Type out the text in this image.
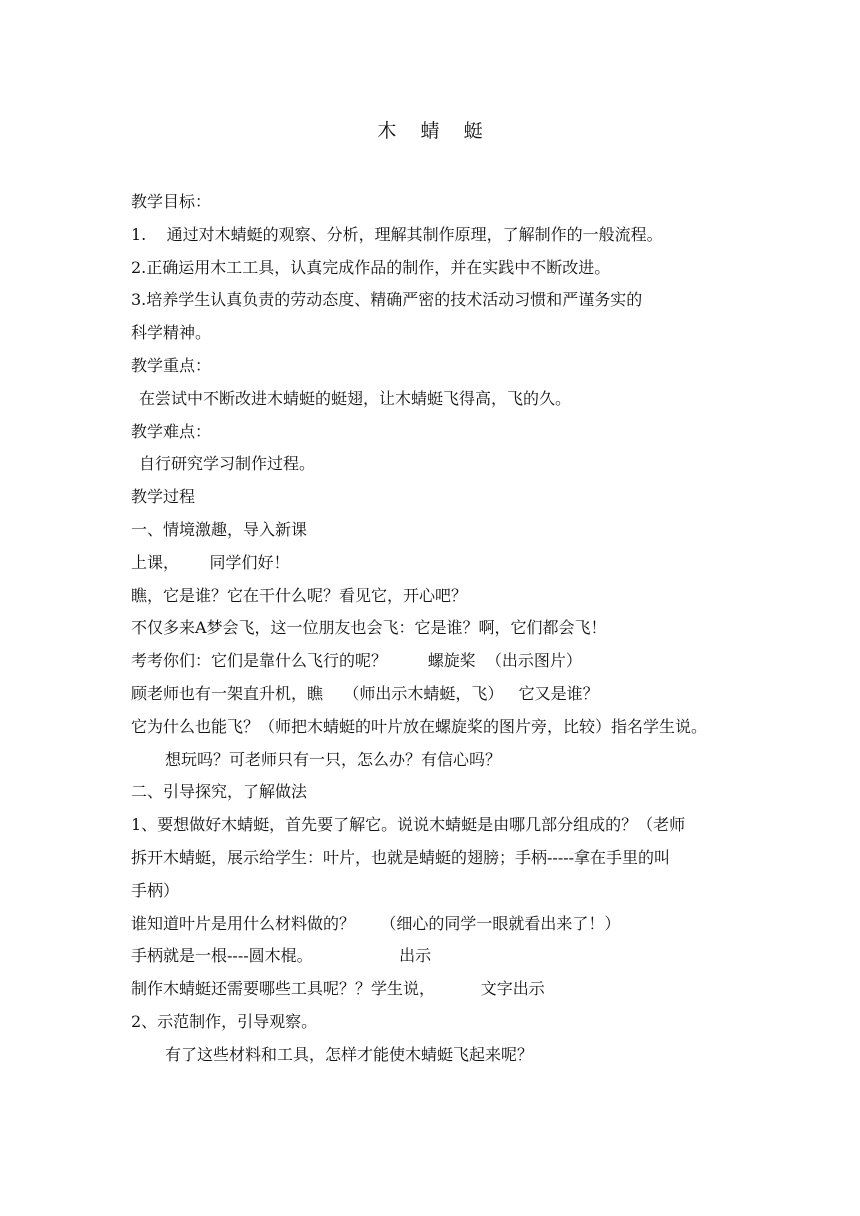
木    蜻    蜓

教学目标：

1.    通过对木蜻蜓的观察、分析，理解其制作原理，了解制作的一般流程。

2.正确运用木工工具，认真完成作品的制作，并在实践中不断改进。

3.培养学生认真负责的劳动态度、精确严密的技术活动习惯和严谨务实的

科学精神。

教学重点：

在尝试中不断改进木蜻蜓的蜓翅，让木蜻蜓飞得高，飞的久。

教学难点：

自行研究学习制作过程。

教学过程

一、情境激趣，导入新课

上课，      同学们好！

瞧，它是谁？它在干什么呢？看见它，开心吧？

不仅多来A梦会飞，这一位朋友也会飞：它是谁？啊，它们都会飞！

考考你们：它们是靠什么飞行的呢？        螺旋桨  （出示图片）

顾老师也有一架直升机，瞧    （师出示木蜻蜓，飞）   它又是谁？

它为什么也能飞？（师把木蜻蜓的叶片放在螺旋桨的图片旁，比较）指名学生说。

想玩吗？可老师只有一只，怎么办？有信心吗？

二、引导探究，了解做法

1、要想做好木蜻蜓，首先要了解它。说说木蜻蜓是由哪几部分组成的？（老师

拆开木蜻蜓，展示给学生：叶片，也就是蜻蜓的翅膀；手柄-----拿在手里的叫

手柄）

谁知道叶片是用什么材料做的？     （细心的同学一眼就看出来了！）

手柄就是一根----圆木棍。                 出示

制作木蜻蜓还需要哪些工具呢？？学生说，         文字出示

2、示范制作，引导观察。

有了这些材料和工具，怎样才能使木蜻蜓飞起来呢？
